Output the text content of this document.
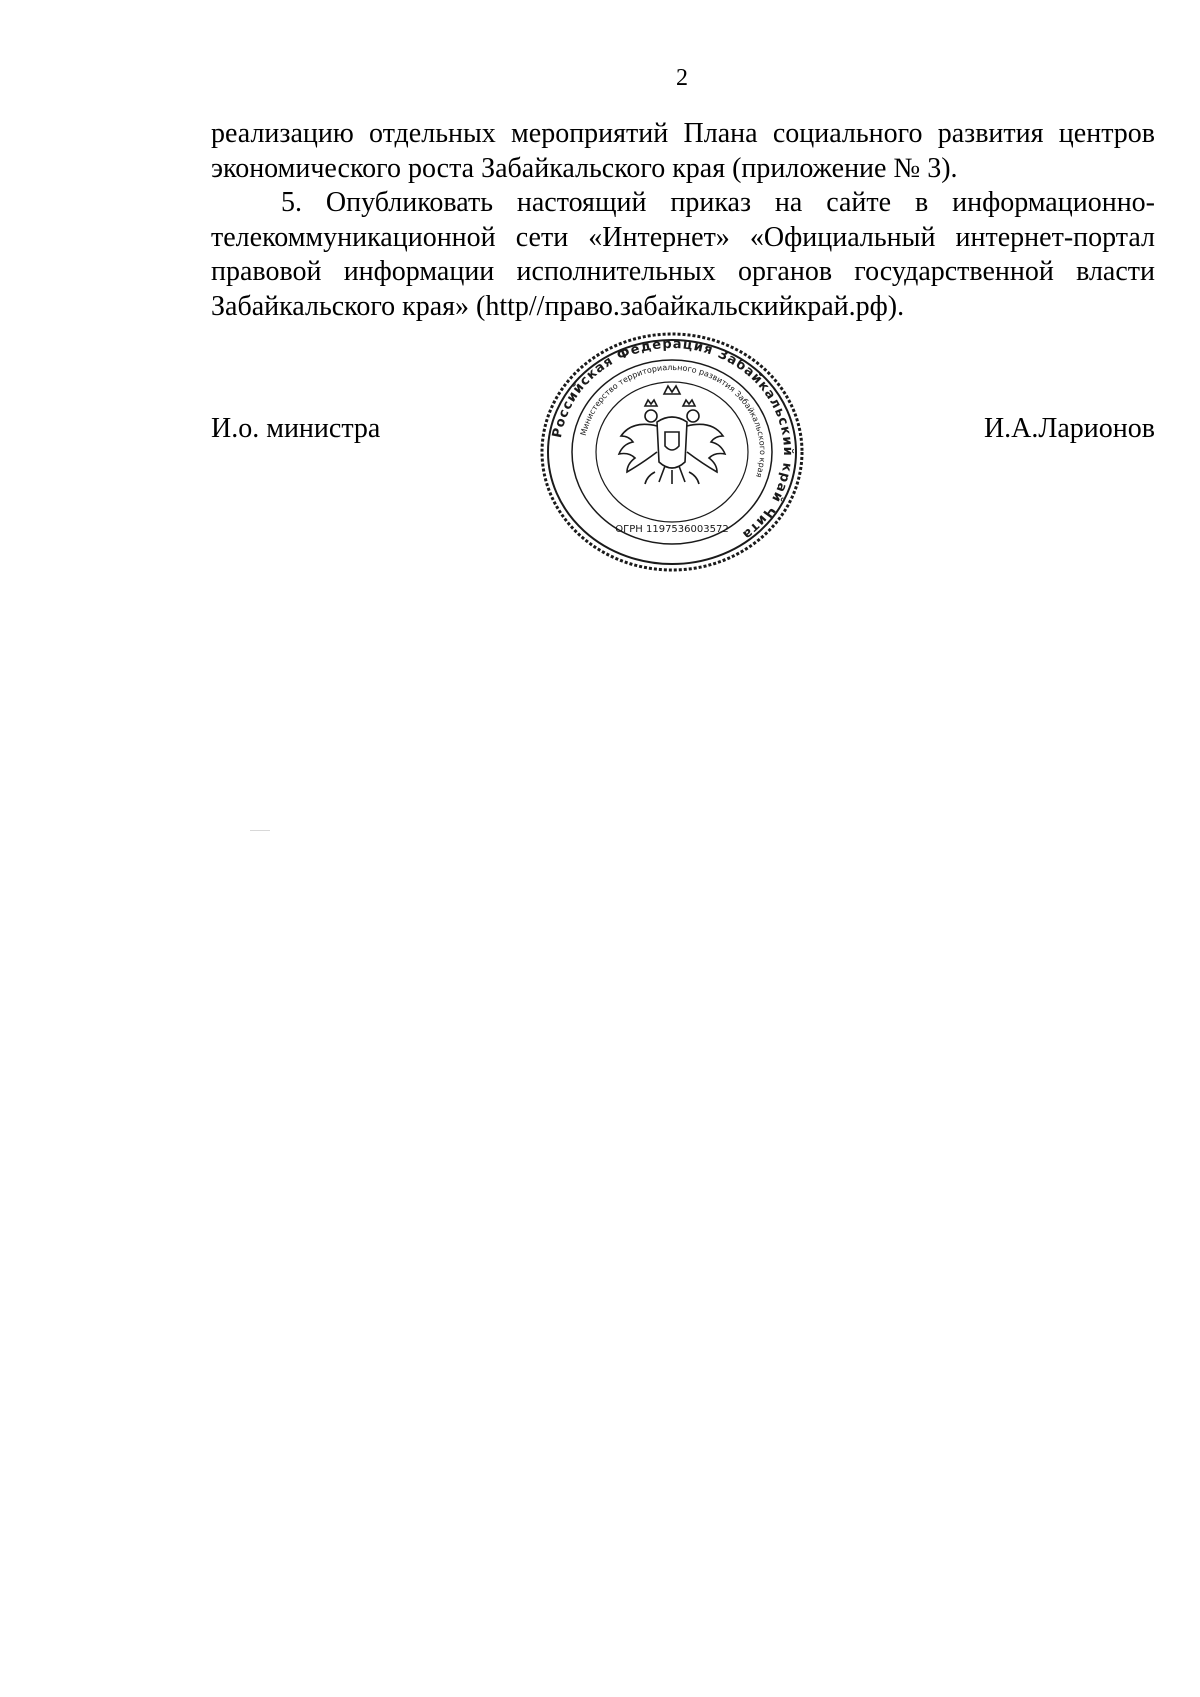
2

реализацию отдельных мероприятий Плана социального развития центров экономического роста Забайкальского края (приложение № 3).

5. Опубликовать настоящий приказ на сайте в информационно-телекоммуникационной сети «Интернет» «Официальный интернет-портал правовой информации исполнительных органов государственной власти Забайкальского края» (http//право.забайкальскийкрай.рф).

И.о. министра	Российская Федерация Забайкальский край Чита
Министерство территориального развития Забайкальского края
ОГРН 1197536003572
И.А.Ларионов
